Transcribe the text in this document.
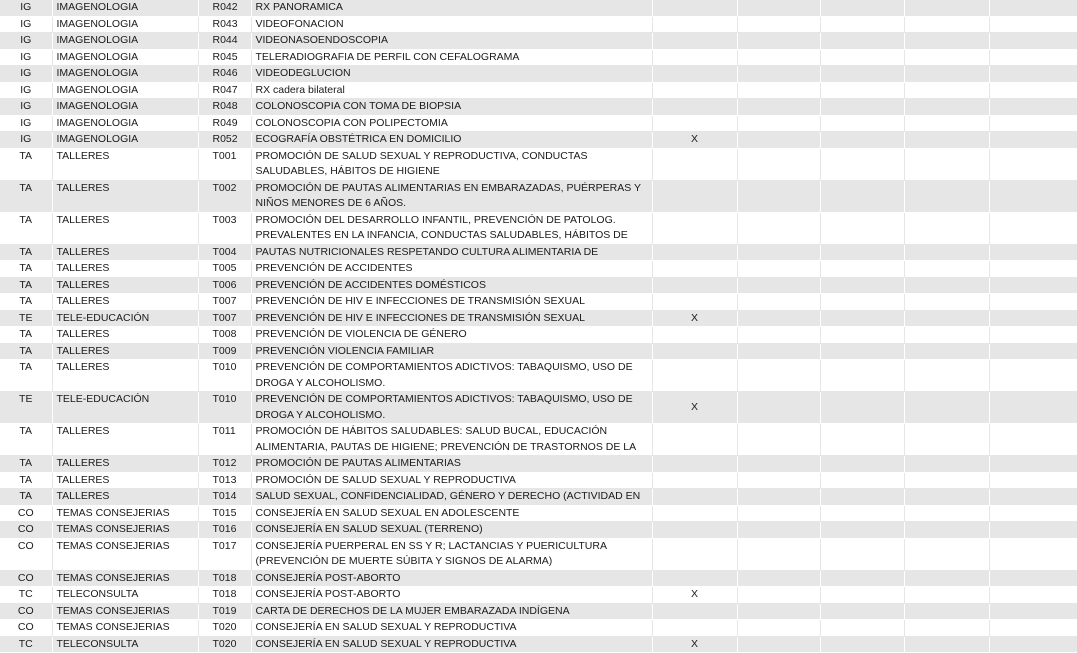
IG	IMAGENOLOGIA	R042	RX PANORAMICA					
IG	IMAGENOLOGIA	R043	VIDEOFONACION					
IG	IMAGENOLOGIA	R044	VIDEONASOENDOSCOPIA					
IG	IMAGENOLOGIA	R045	TELERADIOGRAFIA DE PERFIL CON CEFALOGRAMA					
IG	IMAGENOLOGIA	R046	VIDEODEGLUCION					
IG	IMAGENOLOGIA	R047	RX cadera bilateral					
IG	IMAGENOLOGIA	R048	COLONOSCOPIA CON TOMA DE BIOPSIA					
IG	IMAGENOLOGIA	R049	COLONOSCOPIA CON POLIPECTOMIA					
IG	IMAGENOLOGIA	R052	ECOGRAFÍA OBSTÉTRICA EN DOMICILIO	X				
TA	TALLERES	T001	PROMOCIÓN DE SALUD SEXUAL Y REPRODUCTIVA, CONDUCTAS SALUDABLES, HÁBITOS DE HIGIENE					
TA	TALLERES	T002	PROMOCIÓN DE PAUTAS ALIMENTARIAS EN EMBARAZADAS, PUÉRPERAS Y NIÑOS MENORES DE 6 AÑOS.					
TA	TALLERES	T003	PROMOCIÓN DEL DESARROLLO INFANTIL, PREVENCIÓN DE PATOLOG. PREVALENTES EN LA INFANCIA, CONDUCTAS SALUDABLES, HÁBITOS DE					
TA	TALLERES	T004	PAUTAS NUTRICIONALES RESPETANDO CULTURA ALIMENTARIA DE					
TA	TALLERES	T005	PREVENCIÓN DE ACCIDENTES					
TA	TALLERES	T006	PREVENCIÓN DE ACCIDENTES DOMÉSTICOS					
TA	TALLERES	T007	PREVENCIÓN DE HIV E INFECCIONES DE TRANSMISIÓN SEXUAL					
TE	TELE-EDUCACIÓN	T007	PREVENCIÓN DE HIV E INFECCIONES DE TRANSMISIÓN SEXUAL	X				
TA	TALLERES	T008	PREVENCIÓN DE VIOLENCIA DE GÉNERO					
TA	TALLERES	T009	PREVENCIÓN VIOLENCIA FAMILIAR					
TA	TALLERES	T010	PREVENCIÓN DE COMPORTAMIENTOS ADICTIVOS: TABAQUISMO, USO DE DROGA Y ALCOHOLISMO.					
TE	TELE-EDUCACIÓN	T010	PREVENCIÓN DE COMPORTAMIENTOS ADICTIVOS: TABAQUISMO, USO DE DROGA Y ALCOHOLISMO.	X				
TA	TALLERES	T011	PROMOCIÓN DE HÁBITOS SALUDABLES: SALUD BUCAL, EDUCACIÓN ALIMENTARIA, PAUTAS DE HIGIENE; PREVENCIÓN DE TRASTORNOS DE LA					
TA	TALLERES	T012	PROMOCIÓN DE PAUTAS ALIMENTARIAS					
TA	TALLERES	T013	PROMOCIÓN DE SALUD SEXUAL Y REPRODUCTIVA					
TA	TALLERES	T014	SALUD SEXUAL, CONFIDENCIALIDAD, GÉNERO Y DERECHO (ACTIVIDAD EN					
CO	TEMAS CONSEJERIAS	T015	CONSEJERÍA EN SALUD SEXUAL EN ADOLESCENTE					
CO	TEMAS CONSEJERIAS	T016	CONSEJERÍA EN SALUD SEXUAL (TERRENO)					
CO	TEMAS CONSEJERIAS	T017	CONSEJERÍA PUERPERAL EN SS Y R; LACTANCIAS Y PUERICULTURA (PREVENCIÓN DE MUERTE SÚBITA Y SIGNOS DE ALARMA)					
CO	TEMAS CONSEJERIAS	T018	CONSEJERÍA POST-ABORTO					
TC	TELECONSULTA	T018	CONSEJERÍA POST-ABORTO	X				
CO	TEMAS CONSEJERIAS	T019	CARTA DE DERECHOS DE LA MUJER EMBARAZADA INDÍGENA					
CO	TEMAS CONSEJERIAS	T020	CONSEJERÍA EN SALUD SEXUAL Y REPRODUCTIVA					
TC	TELECONSULTA	T020	CONSEJERÍA EN SALUD SEXUAL Y REPRODUCTIVA	X				
